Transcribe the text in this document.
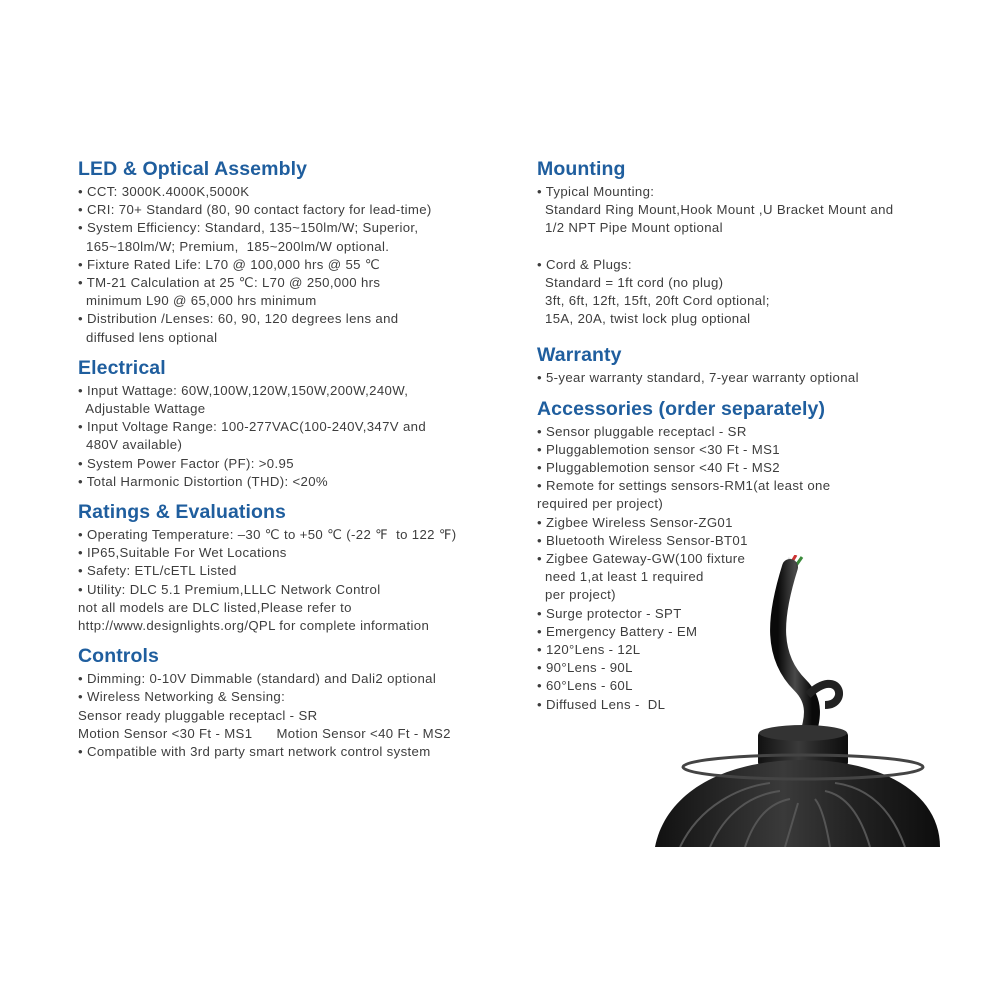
LED & Optical Assembly
• CCT: 3000K.4000K,5000K
• CRI: 70+ Standard (80, 90 contact factory for lead-time)
• System Efficiency: Standard, 135~150lm/W; Superior,
165~180lm/W; Premium,  185~200lm/W optional.
• Fixture Rated Life: L70 @ 100,000 hrs @ 55 ℃
• TM-21 Calculation at 25 ℃: L70 @ 250,000 hrs
minimum L90 @ 65,000 hrs minimum
• Distribution /Lenses: 60, 90, 120 degrees lens and
diffused lens optional
Electrical
• Input Wattage: 60W,100W,120W,150W,200W,240W,
Adjustable Wattage
• Input Voltage Range: 100-277VAC(100-240V,347V and
480V available)
• System Power Factor (PF): >0.95
• Total Harmonic Distortion (THD): <20%
Ratings & Evaluations
• Operating Temperature: –30 ℃ to +50 ℃ (-22 ℉  to 122 ℉)
• IP65,Suitable For Wet Locations
• Safety: ETL/cETL Listed
• Utility: DLC 5.1 Premium,LLLC Network Control
not all models are DLC listed,Please refer to
http://www.designlights.org/QPL for complete information
Controls
• Dimming: 0-10V Dimmable (standard) and Dali2 optional
• Wireless Networking & Sensing:
Sensor ready pluggable receptacl - SR
Motion Sensor <30 Ft - MS1      Motion Sensor <40 Ft - MS2
• Compatible with 3rd party smart network control system
Mounting
• Typical Mounting:
Standard Ring Mount,Hook Mount ,U Bracket Mount and
1/2 NPT Pipe Mount optional
• Cord & Plugs:
Standard = 1ft cord (no plug)
3ft, 6ft, 12ft, 15ft, 20ft Cord optional;
15A, 20A, twist lock plug optional
Warranty
• 5-year warranty standard, 7-year warranty optional
Accessories (order separately)
• Sensor pluggable receptacl - SR
• Pluggablemotion sensor <30 Ft - MS1
• Pluggablemotion sensor <40 Ft - MS2
• Remote for settings sensors-RM1(at least one
required per project)
• Zigbee Wireless Sensor-ZG01
• Bluetooth Wireless Sensor-BT01
• Zigbee Gateway-GW(100 fixture
need 1,at least 1 required
per project)
• Surge protector - SPT
• Emergency Battery - EM
• 120°Lens - 12L
• 90°Lens - 90L
• 60°Lens - 60L
• Diffused Lens -  DL
